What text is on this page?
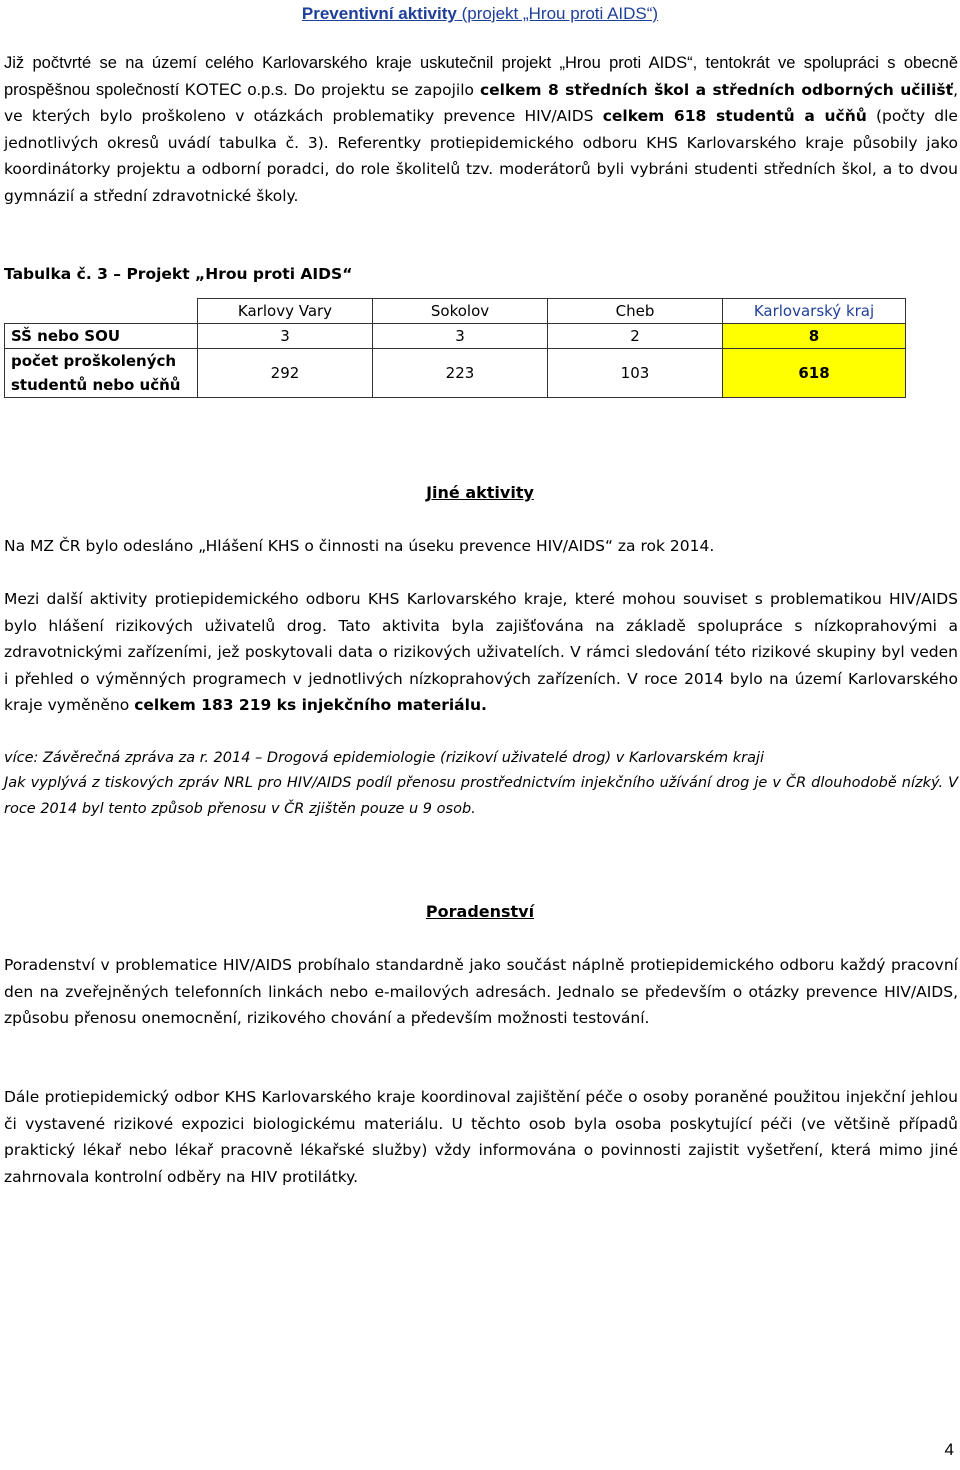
Preventivní aktivity (projekt „Hrou proti AIDS“)
Již počtvrté se na území celého Karlovarského kraje uskutečnil projekt „Hrou proti AIDS“, tentokrát ve spolupráci s obecně prospěšnou společností KOTEC o.p.s. Do projektu se zapojilo celkem 8 středních škol a středních odborných učilišť, ve kterých bylo proškoleno v otázkách problematiky prevence HIV/AIDS celkem 618 studentů a učňů (počty dle jednotlivých okresů uvádí tabulka č. 3). Referentky protiepidemického odboru KHS Karlovarského kraje působily jako koordinátorky projektu a odborní poradci, do role školitelů tzv. moderátorů byli vybráni studenti středních škol, a to dvou gymnázií a střední zdravotnické školy.
Tabulka č. 3 – Projekt „Hrou proti AIDS“
	Karlovy Vary	Sokolov	Cheb	Karlovarský kraj
SŠ nebo SOU	3	3	2	8
počet proškolených studentů nebo učňů	292	223	103	618
Jiné aktivity
Na MZ ČR bylo odesláno „Hlášení KHS o činnosti na úseku prevence HIV/AIDS“ za rok 2014.
Mezi další aktivity protiepidemického odboru KHS Karlovarského kraje, které mohou souviset s problematikou HIV/AIDS bylo hlášení rizikových uživatelů drog. Tato aktivita byla zajišťována na základě spolupráce s nízkoprahovými a zdravotnickými zařízeními, jež poskytovali data o rizikových uživatelích. V rámci sledování této rizikové skupiny byl veden i přehled o výměnných programech v jednotlivých nízkoprahových zařízeních. V roce 2014 bylo na území Karlovarského kraje vyměněno celkem 183 219 ks injekčního materiálu.
více: Závěrečná zpráva za r. 2014 – Drogová epidemiologie (rizikoví uživatelé drog) v Karlovarském kraji
Jak vyplývá z tiskových zpráv NRL pro HIV/AIDS podíl přenosu prostřednictvím injekčního užívání drog je v ČR dlouhodobě nízký. V roce 2014 byl tento způsob přenosu v ČR zjištěn pouze u 9 osob.
Poradenství
Poradenství v problematice HIV/AIDS probíhalo standardně jako součást náplně protiepidemického odboru každý pracovní den na zveřejněných telefonních linkách nebo e-mailových adresách. Jednalo se především o otázky prevence HIV/AIDS, způsobu přenosu onemocnění, rizikového chování a především možnosti testování.
Dále protiepidemický odbor KHS Karlovarského kraje koordinoval zajištění péče o osoby poraněné použitou injekční jehlou či vystavené rizikové expozici biologickému materiálu. U těchto osob byla osoba poskytující péči (ve většině případů praktický lékař nebo lékař pracovně lékařské služby) vždy informována o povinnosti zajistit vyšetření, která mimo jiné zahrnovala kontrolní odběry na HIV protilátky.
4
